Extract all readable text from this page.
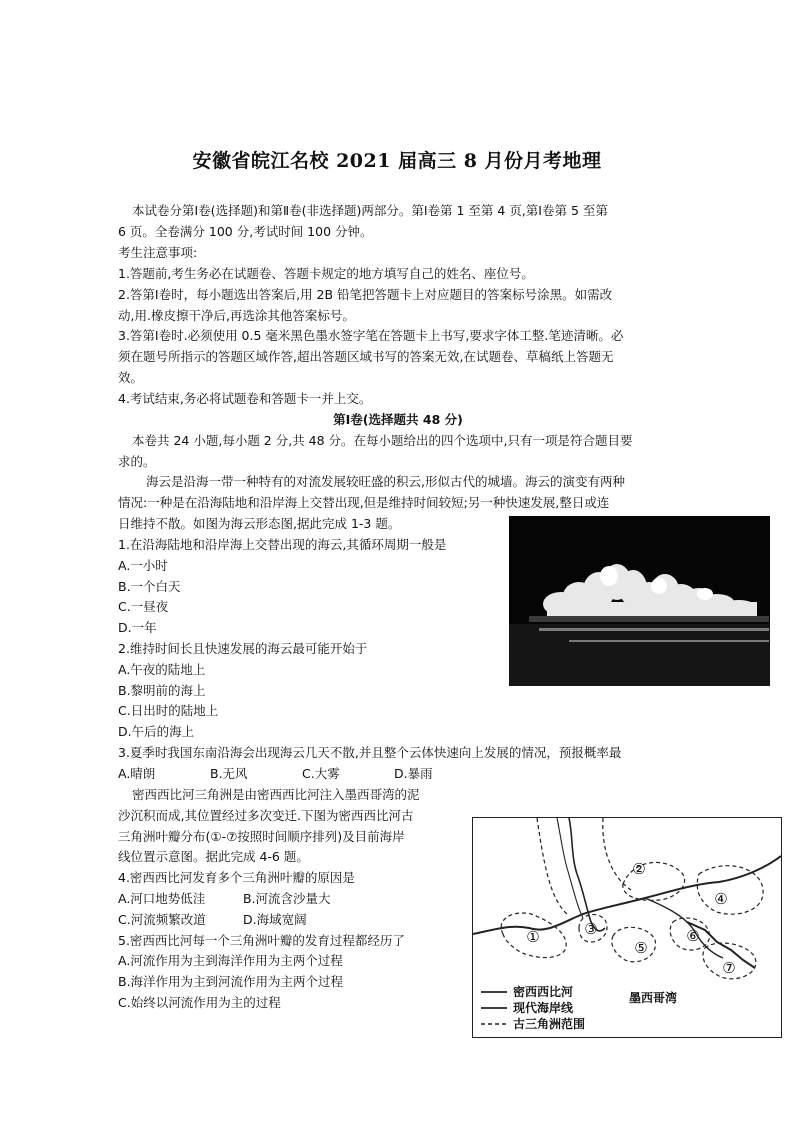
安徽省皖江名校 2021 届高三 8 月份月考地理

本试卷分第Ⅰ卷(选择题)和第Ⅱ卷(非选择题)两部分。第Ⅰ卷第 1 至第 4 页,第Ⅰ卷第 5 至第

6 页。全卷满分 100 分,考试时间 100 分钟。

考生注意事项:

1.答题前,考生务必在试题卷、答题卡规定的地方填写自己的姓名、座位号。

2.答第Ⅰ卷时，每小题选出答案后,用 2B 铅笔把答题卡上对应题目的答案标号涂黑。如需改

动,用.橡皮擦干净后,再选涂其他答案标号。

3.答第Ⅰ卷时.必须使用 0.5 毫米黑色墨水签字笔在答题卡上书写,要求字体工整.笔迹清晰。必

须在题号所指示的答题区域作答,超出答题区域书写的答案无效,在试题卷、草稿纸上答题无

效。

4.考试结束,务必将试题卷和答题卡一并上交。

第Ⅰ卷(选择题共 48 分)

本卷共 24 小题,每小题 2 分,共 48 分。在每小题给出的四个选项中,只有一项是符合题目要

求的。

海云是沿海一带一种特有的对流发展较旺盛的积云,形似古代的城墙。海云的演变有两种

情况:一种是在沿海陆地和沿岸海上交替出现,但是维持时间较短;另一种快速发展,整日或连

日维持不散。如图为海云形态图,据此完成 1-3 题。

1.在沿海陆地和沿岸海上交替出现的海云,其循环周期一般是

A.一小时

B.一个白天

C.一昼夜

D.一年

2.维持时间长且快速发展的海云最可能开始于

A.午夜的陆地上

B.黎明前的海上

C.日出时的陆地上

D.午后的海上

3.夏季时我国东南沿海会出现海云几天不散,并且整个云体快速向上发展的情况，预报概率最

A.晴朗	B.无风	C.大雾	D.暴雨

密西西比河三角洲是由密西西比河注入墨西哥湾的泥

沙沉积而成,其位置经过多次变迁.下图为密西西比河古

三角洲叶瓣分布(①-⑦按照时间顺序排列)及目前海岸

线位置示意图。据此完成 4-6 题。

4.密西西比河发育多个三角洲叶瓣的原因是

A.河口地势低洼	B.河流含沙量大
C.河流频繁改道	D.海域宽阔

5.密西西比河每一个三角洲叶瓣的发育过程都经历了

A.河流作用为主到海洋作用为主两个过程

B.海洋作用为主到河流作用为主两个过程

C.始终以河流作用为主的过程

①
②
③
④
⑤
⑥
⑦
密西西比河
现代海岸线
古三角洲范围
墨西哥湾
